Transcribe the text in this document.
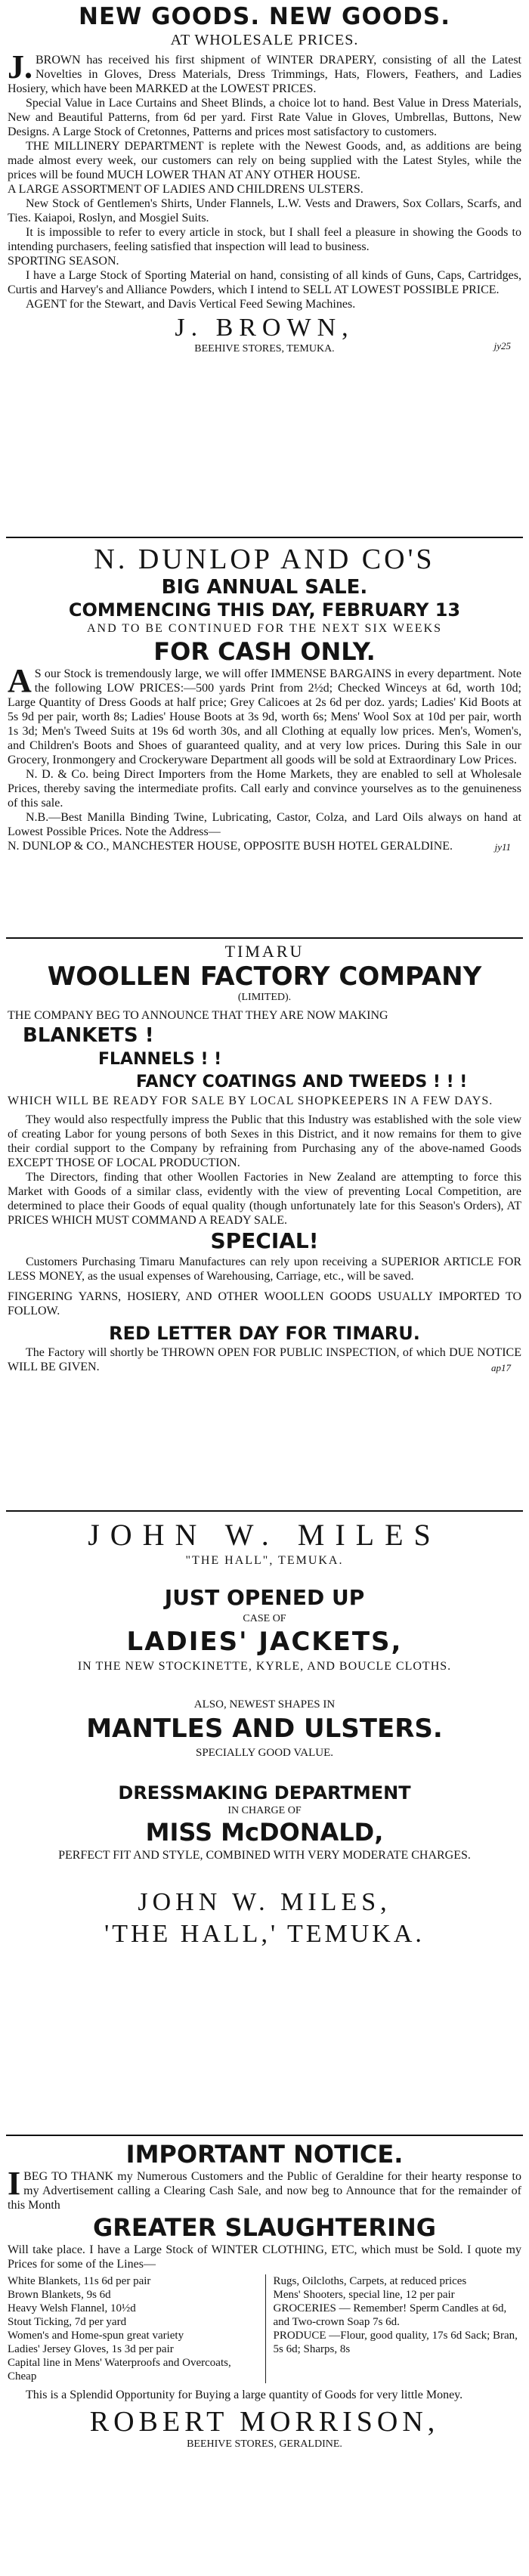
NEW GOODS. NEW GOODS.
AT WHOLESALE PRICES.

J.BROWN has received his first shipment of WINTER DRAPERY, consisting of all the Latest Novelties in Gloves, Dress Materials, Dress Trimmings, Hats, Flowers, Feathers, and Ladies Hosiery, which have been MARKED at the LOWEST PRICES.

Special Value in Lace Curtains and Sheet Blinds, a choice lot to hand. Best Value in Dress Materials, New and Beautiful Patterns, from 6d per yard. First Rate Value in Gloves, Umbrellas, Buttons, New Designs. A Large Stock of Cretonnes, Patterns and prices most satisfactory to customers.

THE MILLINERY DEPARTMENT is replete with the Newest Goods, and, as additions are being made almost every week, our customers can rely on being supplied with the Latest Styles, while the prices will be found MUCH LOWER THAN AT ANY OTHER HOUSE.

A LARGE ASSORTMENT OF LADIES AND CHILDRENS ULSTERS.

New Stock of Gentlemen's Shirts, Under Flannels, L.W. Vests and Drawers, Sox Collars, Scarfs, and Ties. Kaiapoi, Roslyn, and Mosgiel Suits.

It is impossible to refer to every article in stock, but I shall feel a pleasure in showing the Goods to intending purchasers, feeling satisfied that inspection will lead to business.

SPORTING SEASON.

I have a Large Stock of Sporting Material on hand, consisting of all kinds of Guns, Caps, Cartridges, Curtis and Harvey's and Alliance Powders, which I intend to SELL AT LOWEST POSSIBLE PRICE.

AGENT for the Stewart, and Davis Vertical Feed Sewing Machines.

J. BROWN,
BEEHIVE STORES, TEMUKA.	jy25
N. DUNLOP AND CO'S
BIG ANNUAL SALE.
COMMENCING THIS DAY, FEBRUARY 13
AND TO BE CONTINUED FOR THE NEXT SIX WEEKS
FOR CASH ONLY.

AS our Stock is tremendously large, we will offer IMMENSE BARGAINS in every department. Note the following LOW PRICES:—500 yards Print from 2½d; Checked Winceys at 6d, worth 10d; Large Quantity of Dress Goods at half price; Grey Calicoes at 2s 6d per doz. yards; Ladies' Kid Boots at 5s 9d per pair, worth 8s; Ladies' House Boots at 3s 9d, worth 6s; Mens' Wool Sox at 10d per pair, worth 1s 3d; Men's Tweed Suits at 19s 6d worth 30s, and all Clothing at equally low prices. Men's, Women's, and Children's Boots and Shoes of guaranteed quality, and at very low prices. During this Sale in our Grocery, Ironmongery and Crockeryware Department all goods will be sold at Extraordinary Low Prices.

N. D. & Co. being Direct Importers from the Home Markets, they are enabled to sell at Wholesale Prices, thereby saving the intermediate profits. Call early and convince yourselves as to the genuineness of this sale.

N.B.—Best Manilla Binding Twine, Lubricating, Castor, Colza, and Lard Oils always on hand at Lowest Possible Prices. Note the Address—

N. DUNLOP & CO., MANCHESTER HOUSE, OPPOSITE BUSH HOTEL GERALDINE.	jy11
TIMARU
WOOLLEN FACTORY COMPANY
(LIMITED).

THE COMPANY BEG TO ANNOUNCE THAT THEY ARE NOW MAKING

BLANKETS !
FLANNELS ! !
FANCY COATINGS AND TWEEDS ! ! !

WHICH WILL BE READY FOR SALE BY LOCAL SHOPKEEPERS IN A FEW DAYS.

They would also respectfully impress the Public that this Industry was established with the sole view of creating Labor for young persons of both Sexes in this District, and it now remains for them to give their cordial support to the Company by refraining from Purchasing any of the above-named Goods EXCEPT THOSE OF LOCAL PRODUCTION.

The Directors, finding that other Woollen Factories in New Zealand are attempting to force this Market with Goods of a similar class, evidently with the view of preventing Local Competition, are determined to place their Goods of equal quality (though unfortunately late for this Season's Orders), AT PRICES WHICH MUST COMMAND A READY SALE.

SPECIAL!

Customers Purchasing Timaru Manufactures can rely upon receiving a SUPERIOR ARTICLE FOR LESS MONEY, as the usual expenses of Warehousing, Carriage, etc., will be saved.

FINGERING YARNS, HOSIERY, AND OTHER WOOLLEN GOODS USUALLY IMPORTED TO FOLLOW.

RED LETTER DAY FOR TIMARU.

The Factory will shortly be THROWN OPEN FOR PUBLIC INSPECTION, of which DUE NOTICE WILL BE GIVEN.	ap17
JOHN W. MILES
"THE HALL", TEMUKA.
JUST OPENED UP
CASE OF
LADIES' JACKETS,
IN THE NEW STOCKINETTE, KYRLE, AND BOUCLE CLOTHS.
ALSO, NEWEST SHAPES IN
MANTLES AND ULSTERS.
SPECIALLY GOOD VALUE.
DRESSMAKING DEPARTMENT
IN CHARGE OF
MISS McDONALD,
PERFECT FIT AND STYLE, COMBINED WITH VERY MODERATE CHARGES.
JOHN W. MILES,
'THE HALL,' TEMUKA.
IMPORTANT NOTICE.

IBEG TO THANK my Numerous Customers and the Public of Geraldine for their hearty response to my Advertisement calling a Clearing Cash Sale, and now beg to Announce that for the remainder of this Month

GREATER SLAUGHTERING

Will take place. I have a Large Stock of WINTER CLOTHING, ETC, which must be Sold. I quote my Prices for some of the Lines—

White Blankets, 11s 6d per pair
Brown Blankets, 9s 6d
Heavy Welsh Flannel, 10½d
Stout Ticking, 7d per yard
Women's and Home-spun great variety
Ladies' Jersey Gloves, 1s 3d per pair
Capital line in Mens' Waterproofs and Overcoats, Cheap
Rugs, Oilcloths, Carpets, at reduced prices
Mens' Shooters, special line, 12 per pair
GROCERIES — Remember! Sperm Candles at 6d, and Two-crown Soap 7s 6d.
PRODUCE —Flour, good quality, 17s 6d Sack; Bran, 5s 6d; Sharps, 8s

This is a Splendid Opportunity for Buying a large quantity of Goods for very little Money.

ROBERT MORRISON,
BEEHIVE STORES, GERALDINE.
